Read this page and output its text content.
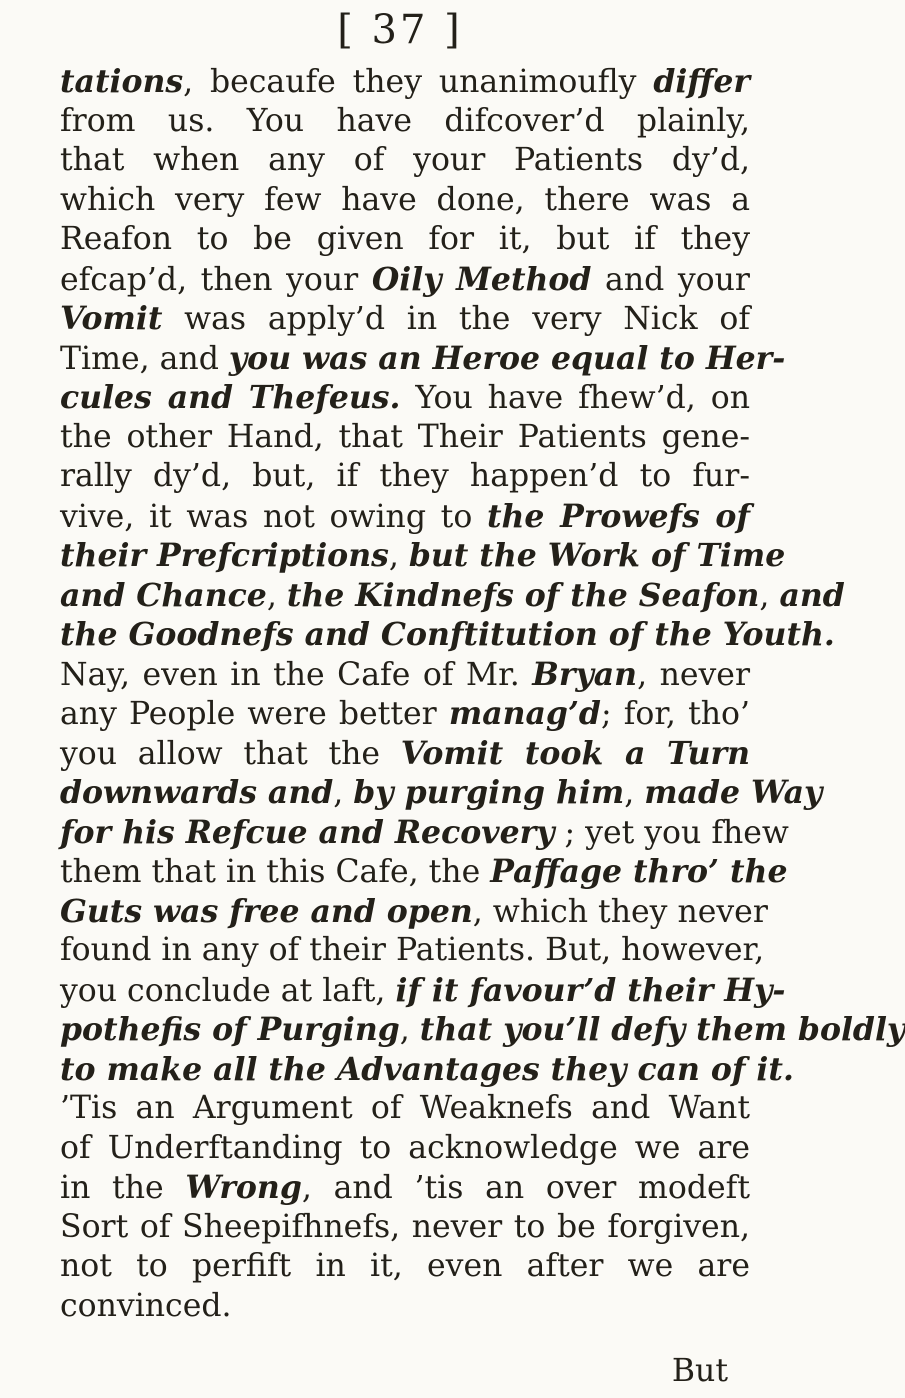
[ 37 ]
tations, becaufe they unanimoufly differ
from us. You have difcover’d plainly,
that when any of your Patients dy’d,
which very few have done, there was a
Reafon to be given for it, but if they
efcap’d, then your Oily Method and your
Vomit was apply’d in the very Nick of
Time, and you was an Heroe equal to Her-
cules and Thefeus. You have fhew’d, on
the other Hand, that Their Patients gene-
rally dy’d, but, if they happen’d to fur-
vive, it was not owing to the Prowefs of
their Prefcriptions, but the Work of Time
and Chance, the Kindnefs of the Seafon, and
the Goodnefs and Conftitution of the Youth.
Nay, even in the Cafe of Mr. Bryan, never
any People were better manag’d; for, tho’
you allow that the Vomit took a Turn
downwards and, by purging him, made Way
for his Refcue and Recovery ; yet you fhew
them that in this Cafe, the Paffage thro’ the
Guts was free and open, which they never
found in any of their Patients. But, however,
you conclude at laft, if it favour’d their Hy-
pothefis of Purging, that you’ll defy them boldly
to make all the Advantages they can of it.
’Tis an Argument of Weaknefs and Want
of Underftanding to acknowledge we are
in the Wrong, and ’tis an over modeft
Sort of Sheepifhnefs, never to be forgiven,
not to perfift in it, even after we are
convinced.
But
